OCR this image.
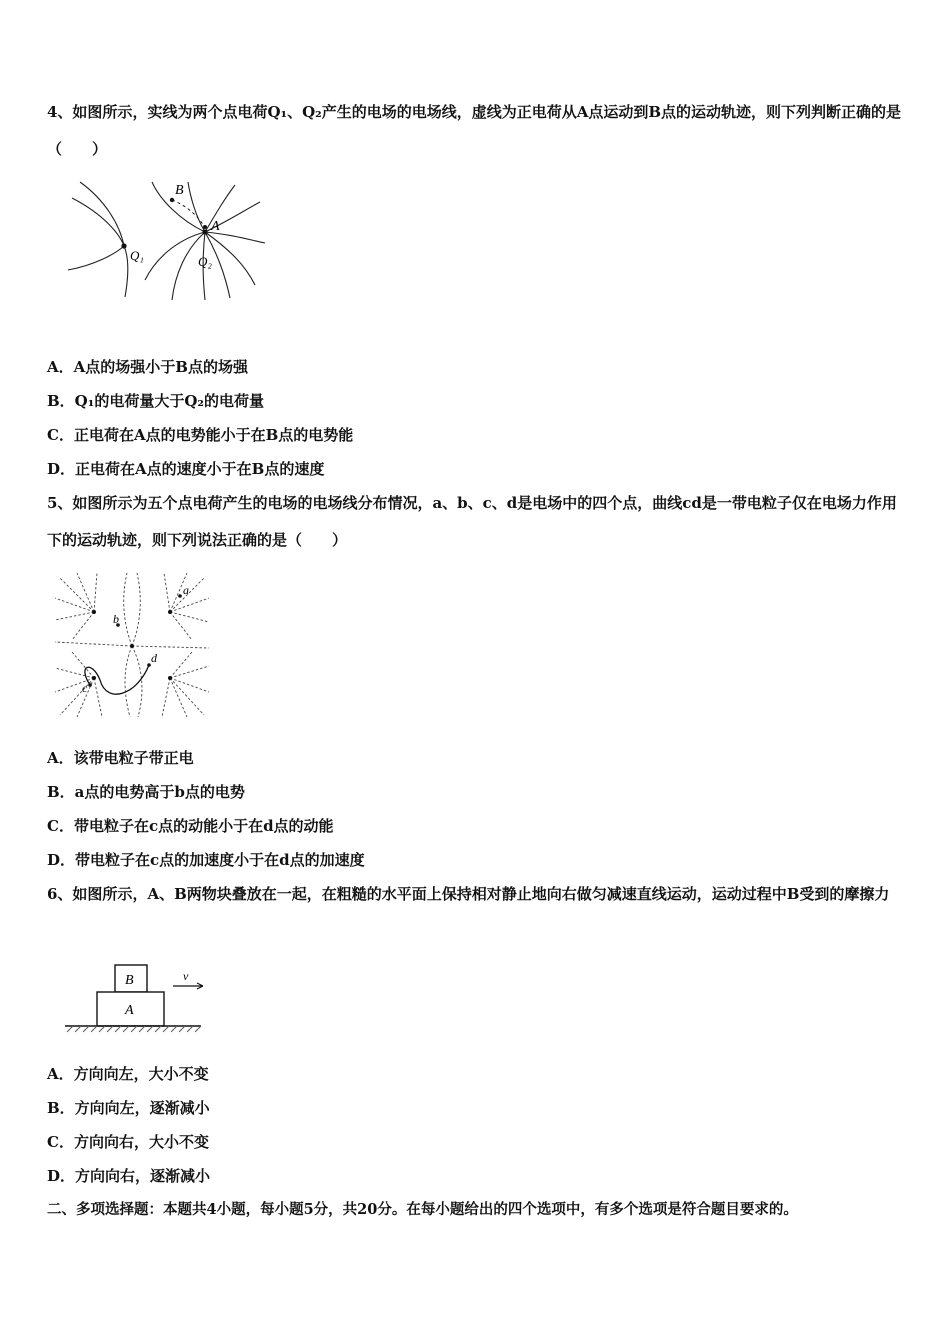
4、如图所示，实线为两个点电荷Q₁、Q₂产生的电场的电场线，虚线为正电荷从A点运动到B点的运动轨迹，则下列判断正确的是（　　）
B
A
Q₁	Q₂
A．A点的场强小于B点的场强
B．Q₁的电荷量大于Q₂的电荷量
C．正电荷在A点的电势能小于在B点的电势能
D．正电荷在A点的速度小于在B点的速度
5、如图所示为五个点电荷产生的电场的电场线分布情况，a、b、c、d是电场中的四个点，曲线cd是一带电粒子仅在电场力作用下的运动轨迹，则下列说法正确的是（　　）
a
b
c
d
A．该带电粒子带正电
B．a点的电势高于b点的电势
C．带电粒子在c点的动能小于在d点的动能
D．带电粒子在c点的加速度小于在d点的加速度
6、如图所示，A、B两物块叠放在一起，在粗糙的水平面上保持相对静止地向右做匀减速直线运动，运动过程中B受到的摩擦力
v
B
A
A．方向向左，大小不变
B．方向向左，逐渐减小
C．方向向右，大小不变
D．方向向右，逐渐减小
二、多项选择题：本题共4小题，每小题5分，共20分。在每小题给出的四个选项中，有多个选项是符合题目要求的。
